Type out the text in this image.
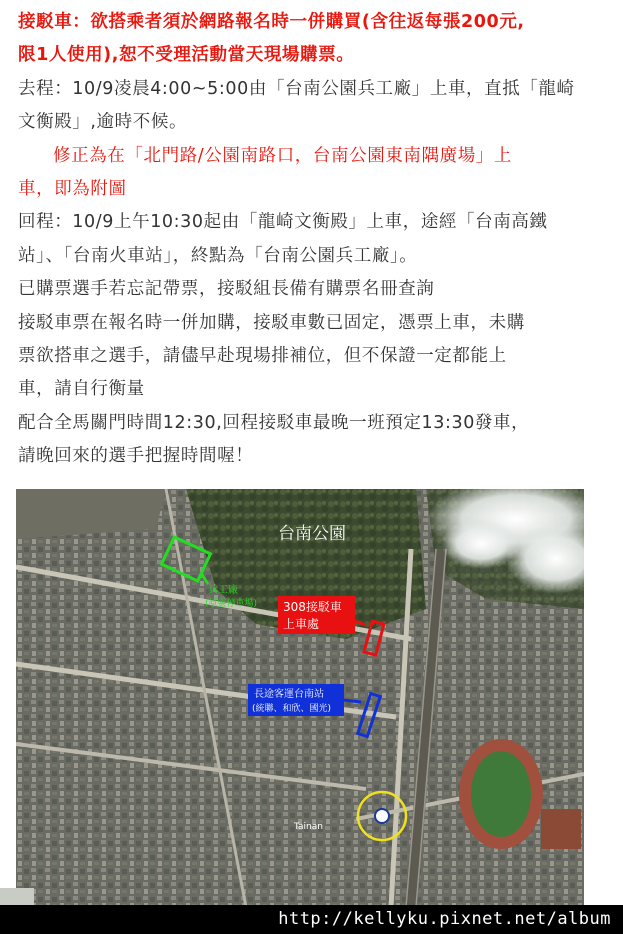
接駁車：欲搭乘者須於網路報名時一併購買(含往返每張200元,
限1人使用),恕不受理活動當天現場購票。

去程：10/9凌晨4:00~5:00由「台南公園兵工廠」上車，直抵「龍崎
文衡殿」,逾時不候。

修正為在「北門路/公園南路口，台南公園東南隅廣場」上

車，即為附圖

回程：10/9上午10:30起由「龍崎文衡殿」上車，途經「台南高鐵
站」、「台南火車站」，終點為「台南公園兵工廠」。

已購票選手若忘記帶票，接駁組長備有購票名冊查詢

接駁車票在報名時一併加購，接駁車數已固定，憑票上車，未購
票欲搭車之選手，請儘早赴現場排補位，但不保證一定都能上
車，請自行衡量

配合全馬關門時間12:30,回程接駁車最晚一班預定13:30發車，
請晚回來的選手把握時間喔！

兵工廠
(原靈停車場)
台南公園
308接駁車
上車處
長途客運台南站
(統聯、和欣、國光)
Tainan
http://kellyku.pixnet.net/album
